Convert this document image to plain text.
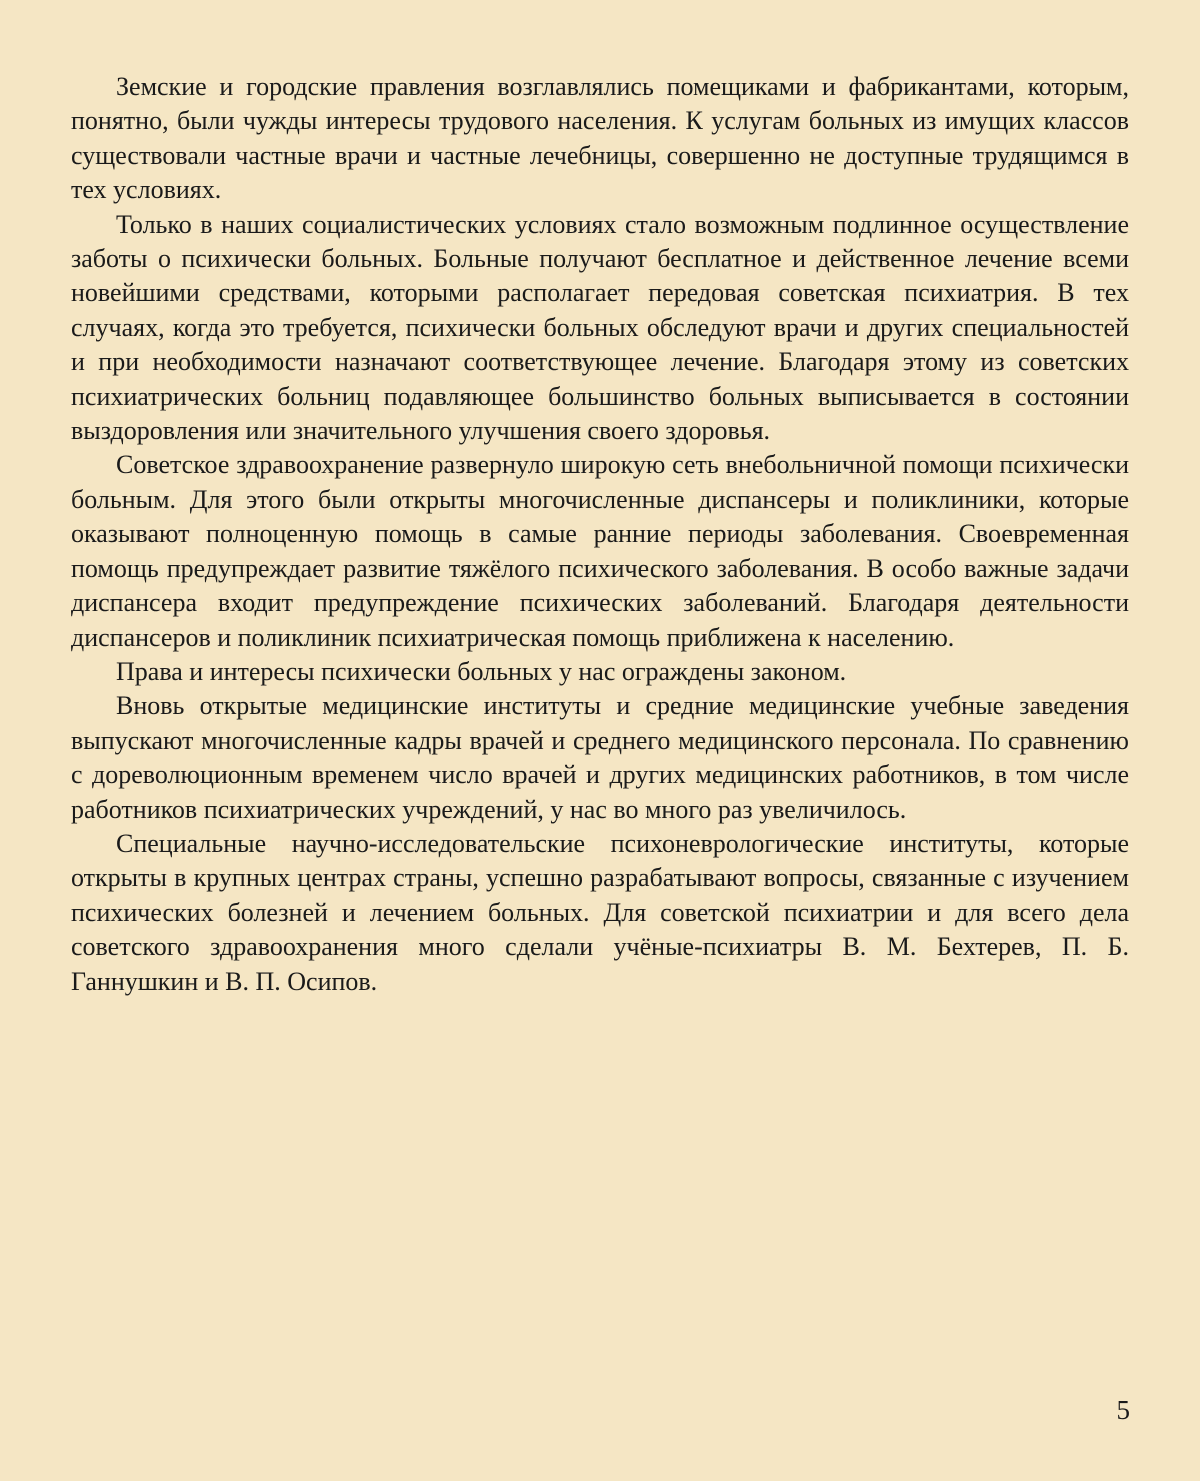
Земские и городские правления возглавлялись помещиками и фабрикантами, которым, понятно, были чужды интересы трудового населения. К услугам больных из имущих классов существовали частные врачи и частные лечебницы, совершенно не доступные трудящимся в тех условиях.

Только в наших социалистических условиях стало возможным подлинное осуществление заботы о психически больных. Больные получают бесплатное и действенное лечение всеми новейшими средствами, которыми располагает передовая советская психиатрия. В тех случаях, когда это требуется, психически больных обследуют врачи и других специальностей и при необходимости назначают соответствующее лечение. Благодаря этому из советских психиатрических больниц подавляющее большинство больных выписывается в состоянии выздоровления или значительного улучшения своего здоровья.

Советское здравоохранение развернуло широкую сеть внебольничной помощи психически больным. Для этого были открыты многочисленные диспансеры и поликлиники, которые оказывают полноценную помощь в самые ранние периоды заболевания. Своевременная помощь предупреждает развитие тяжёлого психического заболевания. В особо важные задачи диспансера входит предупреждение психических заболеваний. Благодаря деятельности диспансеров и поликлиник психиатрическая помощь приближена к населению.

Права и интересы психически больных у нас ограждены законом.

Вновь открытые медицинские институты и средние медицинские учебные заведения выпускают многочисленные кадры врачей и среднего медицинского персонала. По сравнению с дореволюционным временем число врачей и других медицинских работников, в том числе работников психиатрических учреждений, у нас во много раз увеличилось.

Специальные научно-исследовательские психоневрологические институты, которые открыты в крупных центрах страны, успешно разрабатывают вопросы, связанные с изучением психических болезней и лечением больных. Для советской психиатрии и для всего дела советского здравоохранения много сделали учёные-психиатры В. М. Бехтерев, П. Б. Ганнушкин и В. П. Осипов.

5
